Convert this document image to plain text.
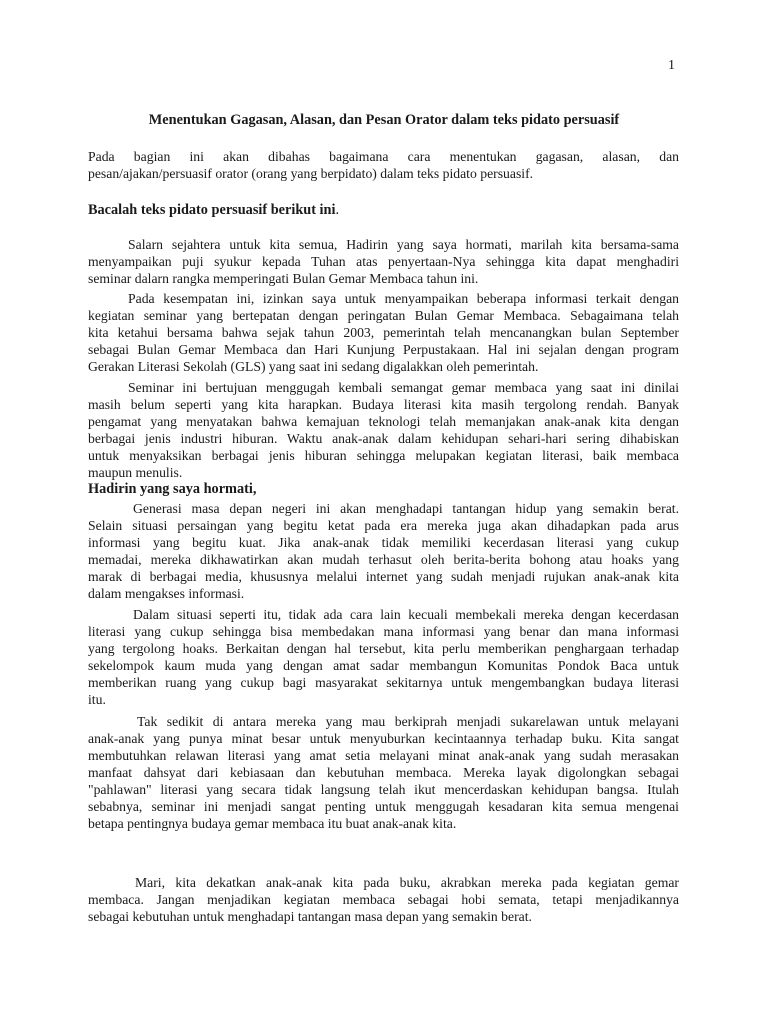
1
Menentukan Gagasan, Alasan, dan Pesan Orator dalam teks pidato persuasif
Pada bagian ini akan dibahas bagaimana cara menentukan gagasan, alasan, dan
pesan/ajakan/persuasif orator (orang yang berpidato) dalam teks pidato persuasif.
Bacalah teks pidato persuasif berikut ini.
Salarn sejahtera untuk kita semua, Hadirin yang saya hormati, marilah kita bersama-sama
menyampaikan puji syukur kepada Tuhan atas penyertaan-Nya sehingga kita dapat menghadiri
seminar dalarn rangka memperingati Bulan Gemar Membaca tahun ini.
Pada kesempatan ini, izinkan saya untuk menyampaikan beberapa informasi terkait dengan
kegiatan seminar yang bertepatan dengan peringatan Bulan Gemar Membaca. Sebagaimana telah
kita ketahui bersama bahwa sejak tahun 2003, pemerintah telah mencanangkan bulan September
sebagai Bulan Gemar Membaca dan Hari Kunjung Perpustakaan. Hal ini sejalan dengan program
Gerakan Literasi Sekolah (GLS) yang saat ini sedang digalakkan oleh pemerintah.
Seminar ini bertujuan menggugah kembali semangat gemar membaca yang saat ini dinilai
masih belum seperti yang kita harapkan. Budaya literasi kita masih tergolong rendah. Banyak
pengamat yang menyatakan bahwa kemajuan teknologi telah memanjakan anak-anak kita dengan
berbagai jenis industri hiburan. Waktu anak-anak dalam kehidupan sehari-hari sering dihabiskan
untuk menyaksikan berbagai jenis hiburan sehingga melupakan kegiatan literasi, baik membaca
maupun menulis.
Hadirin yang saya hormati,
Generasi masa depan negeri ini akan menghadapi tantangan hidup yang semakin berat.
Selain situasi persaingan yang begitu ketat pada era mereka juga akan dihadapkan pada arus
informasi yang begitu kuat. Jika anak-anak tidak memiliki kecerdasan literasi yang cukup
memadai, mereka dikhawatirkan akan mudah terhasut oleh berita-berita bohong atau hoaks yang
marak di berbagai media, khususnya melalui internet yang sudah menjadi rujukan anak-anak kita
dalam mengakses informasi.
Dalam situasi seperti itu, tidak ada cara lain kecuali membekali mereka dengan kecerdasan
literasi yang cukup sehingga bisa membedakan mana informasi yang benar dan mana informasi
yang tergolong hoaks. Berkaitan dengan hal tersebut, kita perlu memberikan penghargaan terhadap
sekelompok kaum muda yang dengan amat sadar membangun Komunitas Pondok Baca untuk
memberikan ruang yang cukup bagi masyarakat sekitarnya untuk mengembangkan budaya literasi
itu.
Tak sedikit di antara mereka yang mau berkiprah menjadi sukarelawan untuk melayani
anak-anak yang punya minat besar untuk menyuburkan kecintaannya terhadap buku. Kita sangat
membutuhkan relawan literasi yang amat setia melayani minat anak-anak yang sudah merasakan
manfaat dahsyat dari kebiasaan dan kebutuhan membaca. Mereka layak digolongkan sebagai
"pahlawan" literasi yang secara tidak langsung telah ikut mencerdaskan kehidupan bangsa. Itulah
sebabnya, seminar ini menjadi sangat penting untuk menggugah kesadaran kita semua mengenai
betapa pentingnya budaya gemar membaca itu buat anak-anak kita.
Mari, kita dekatkan anak-anak kita pada buku, akrabkan mereka pada kegiatan gemar
membaca. Jangan menjadikan kegiatan membaca sebagai hobi semata, tetapi menjadikannya
sebagai kebutuhan untuk menghadapi tantangan masa depan yang semakin berat.
